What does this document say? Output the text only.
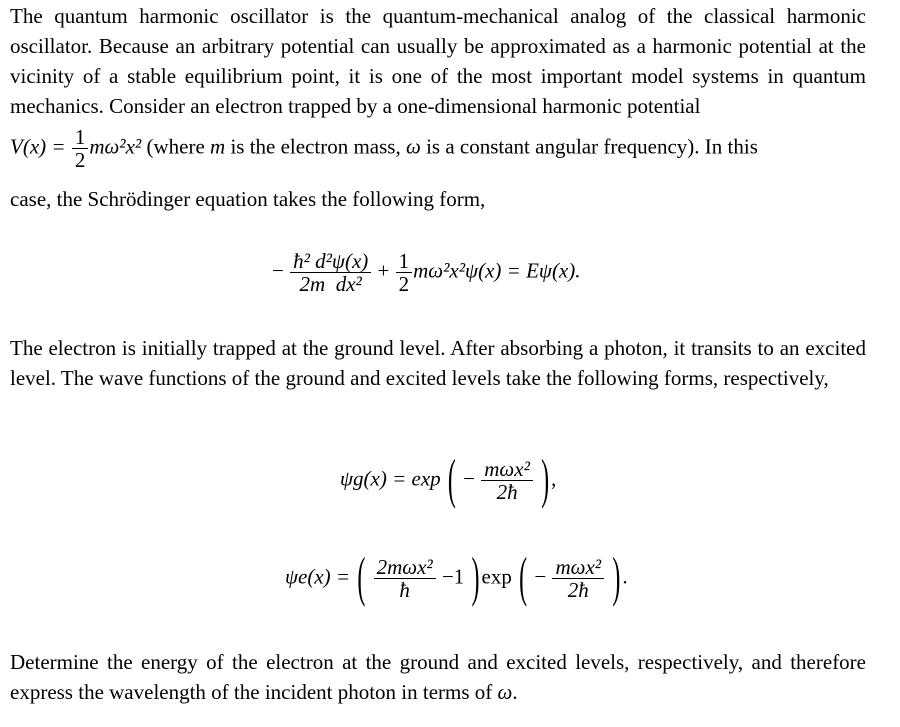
The quantum harmonic oscillator is the quantum-mechanical analog of the classical harmonic oscillator. Because an arbitrary potential can usually be approximated as a harmonic potential at the vicinity of a stable equilibrium point, it is one of the most important model systems in quantum mechanics. Consider an electron trapped by a one-dimensional harmonic potential
$V(x) = \frac{1}{2} m\omega^2x^2$ (where m is the electron mass, ω is a constant angular frequency). In this
case, the Schrödinger equation takes the following form,
− $\frac{\text{ħ² d²ψ(x)}}{\text{2m dx²}} + \frac{1}{2} m\omega^2x^2\psi(x) = E\psi(x)$.
The electron is initially trapped at the ground level. After absorbing a photon, it transits to an excited level. The wave functions of the ground and excited levels take the following forms, respectively,
ψg(x) = exp ( − $\frac{\text{mωx²}}{2ħ}$ ),
ψe(x) = ( $\frac{\text{2mωx²}}{ħ} -1$ )exp ( − $\frac{\text{mωx²}}{2ħ}$ ).
Determine the energy of the electron at the ground and excited levels, respectively, and therefore express the wavelength of the incident photon in terms of ω.
